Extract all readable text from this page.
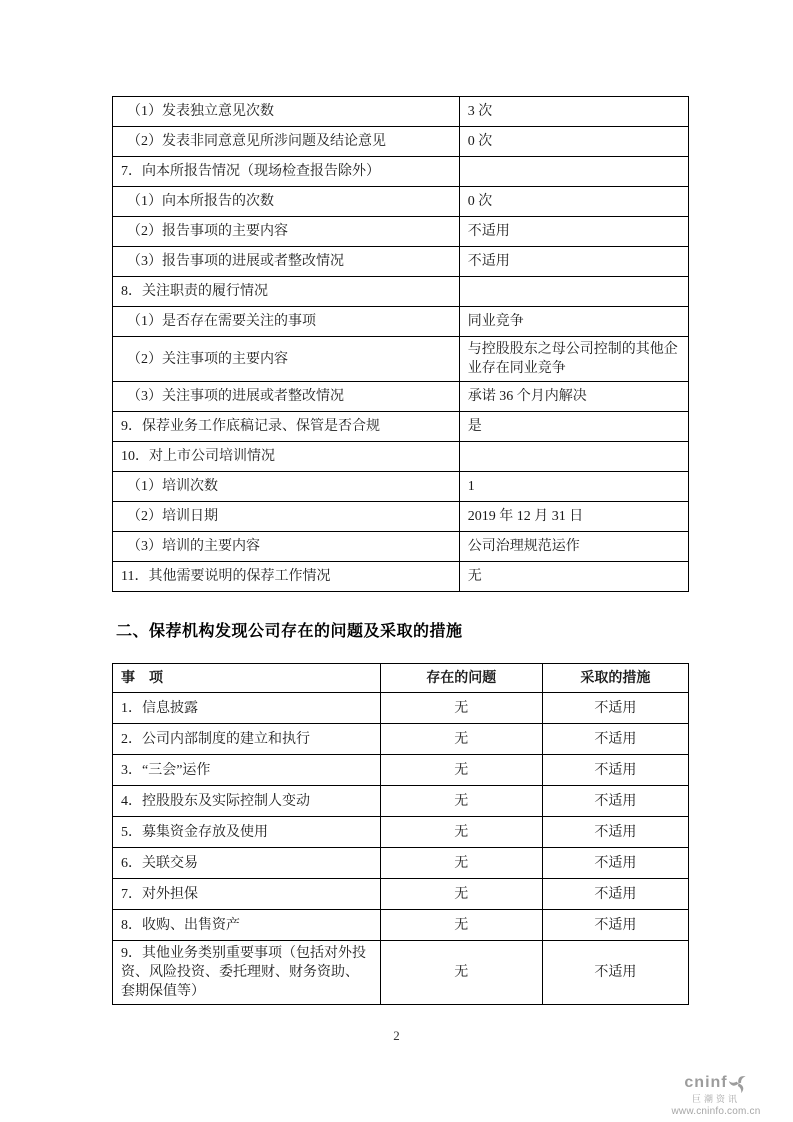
（1）发表独立意见次数	3 次
（2）发表非同意意见所涉问题及结论意见	0 次
7．向本所报告情况（现场检查报告除外）	
（1）向本所报告的次数	0 次
（2）报告事项的主要内容	不适用
（3）报告事项的进展或者整改情况	不适用
8．关注职责的履行情况	
（1）是否存在需要关注的事项	同业竞争
（2）关注事项的主要内容	与控股股东之母公司控制的其他企业存在同业竞争
（3）关注事项的进展或者整改情况	承诺 36 个月内解决
9．保荐业务工作底稿记录、保管是否合规	是
10．对上市公司培训情况	
（1）培训次数	1
（2）培训日期	2019 年 12 月 31 日
（3）培训的主要内容	公司治理规范运作
11．其他需要说明的保荐工作情况	无
二、保荐机构发现公司存在的问题及采取的措施
事　项	存在的问题	采取的措施
1．信息披露	无	不适用
2．公司内部制度的建立和执行	无	不适用
3．“三会”运作	无	不适用
4．控股股东及实际控制人变动	无	不适用
5．募集资金存放及使用	无	不适用
6．关联交易	无	不适用
7．对外担保	无	不适用
8．收购、出售资产	无	不适用
9．其他业务类别重要事项（包括对外投资、风险投资、委托理财、财务资助、套期保值等）	无	不适用
2
cninf
巨潮资讯
www.cninfo.com.cn
